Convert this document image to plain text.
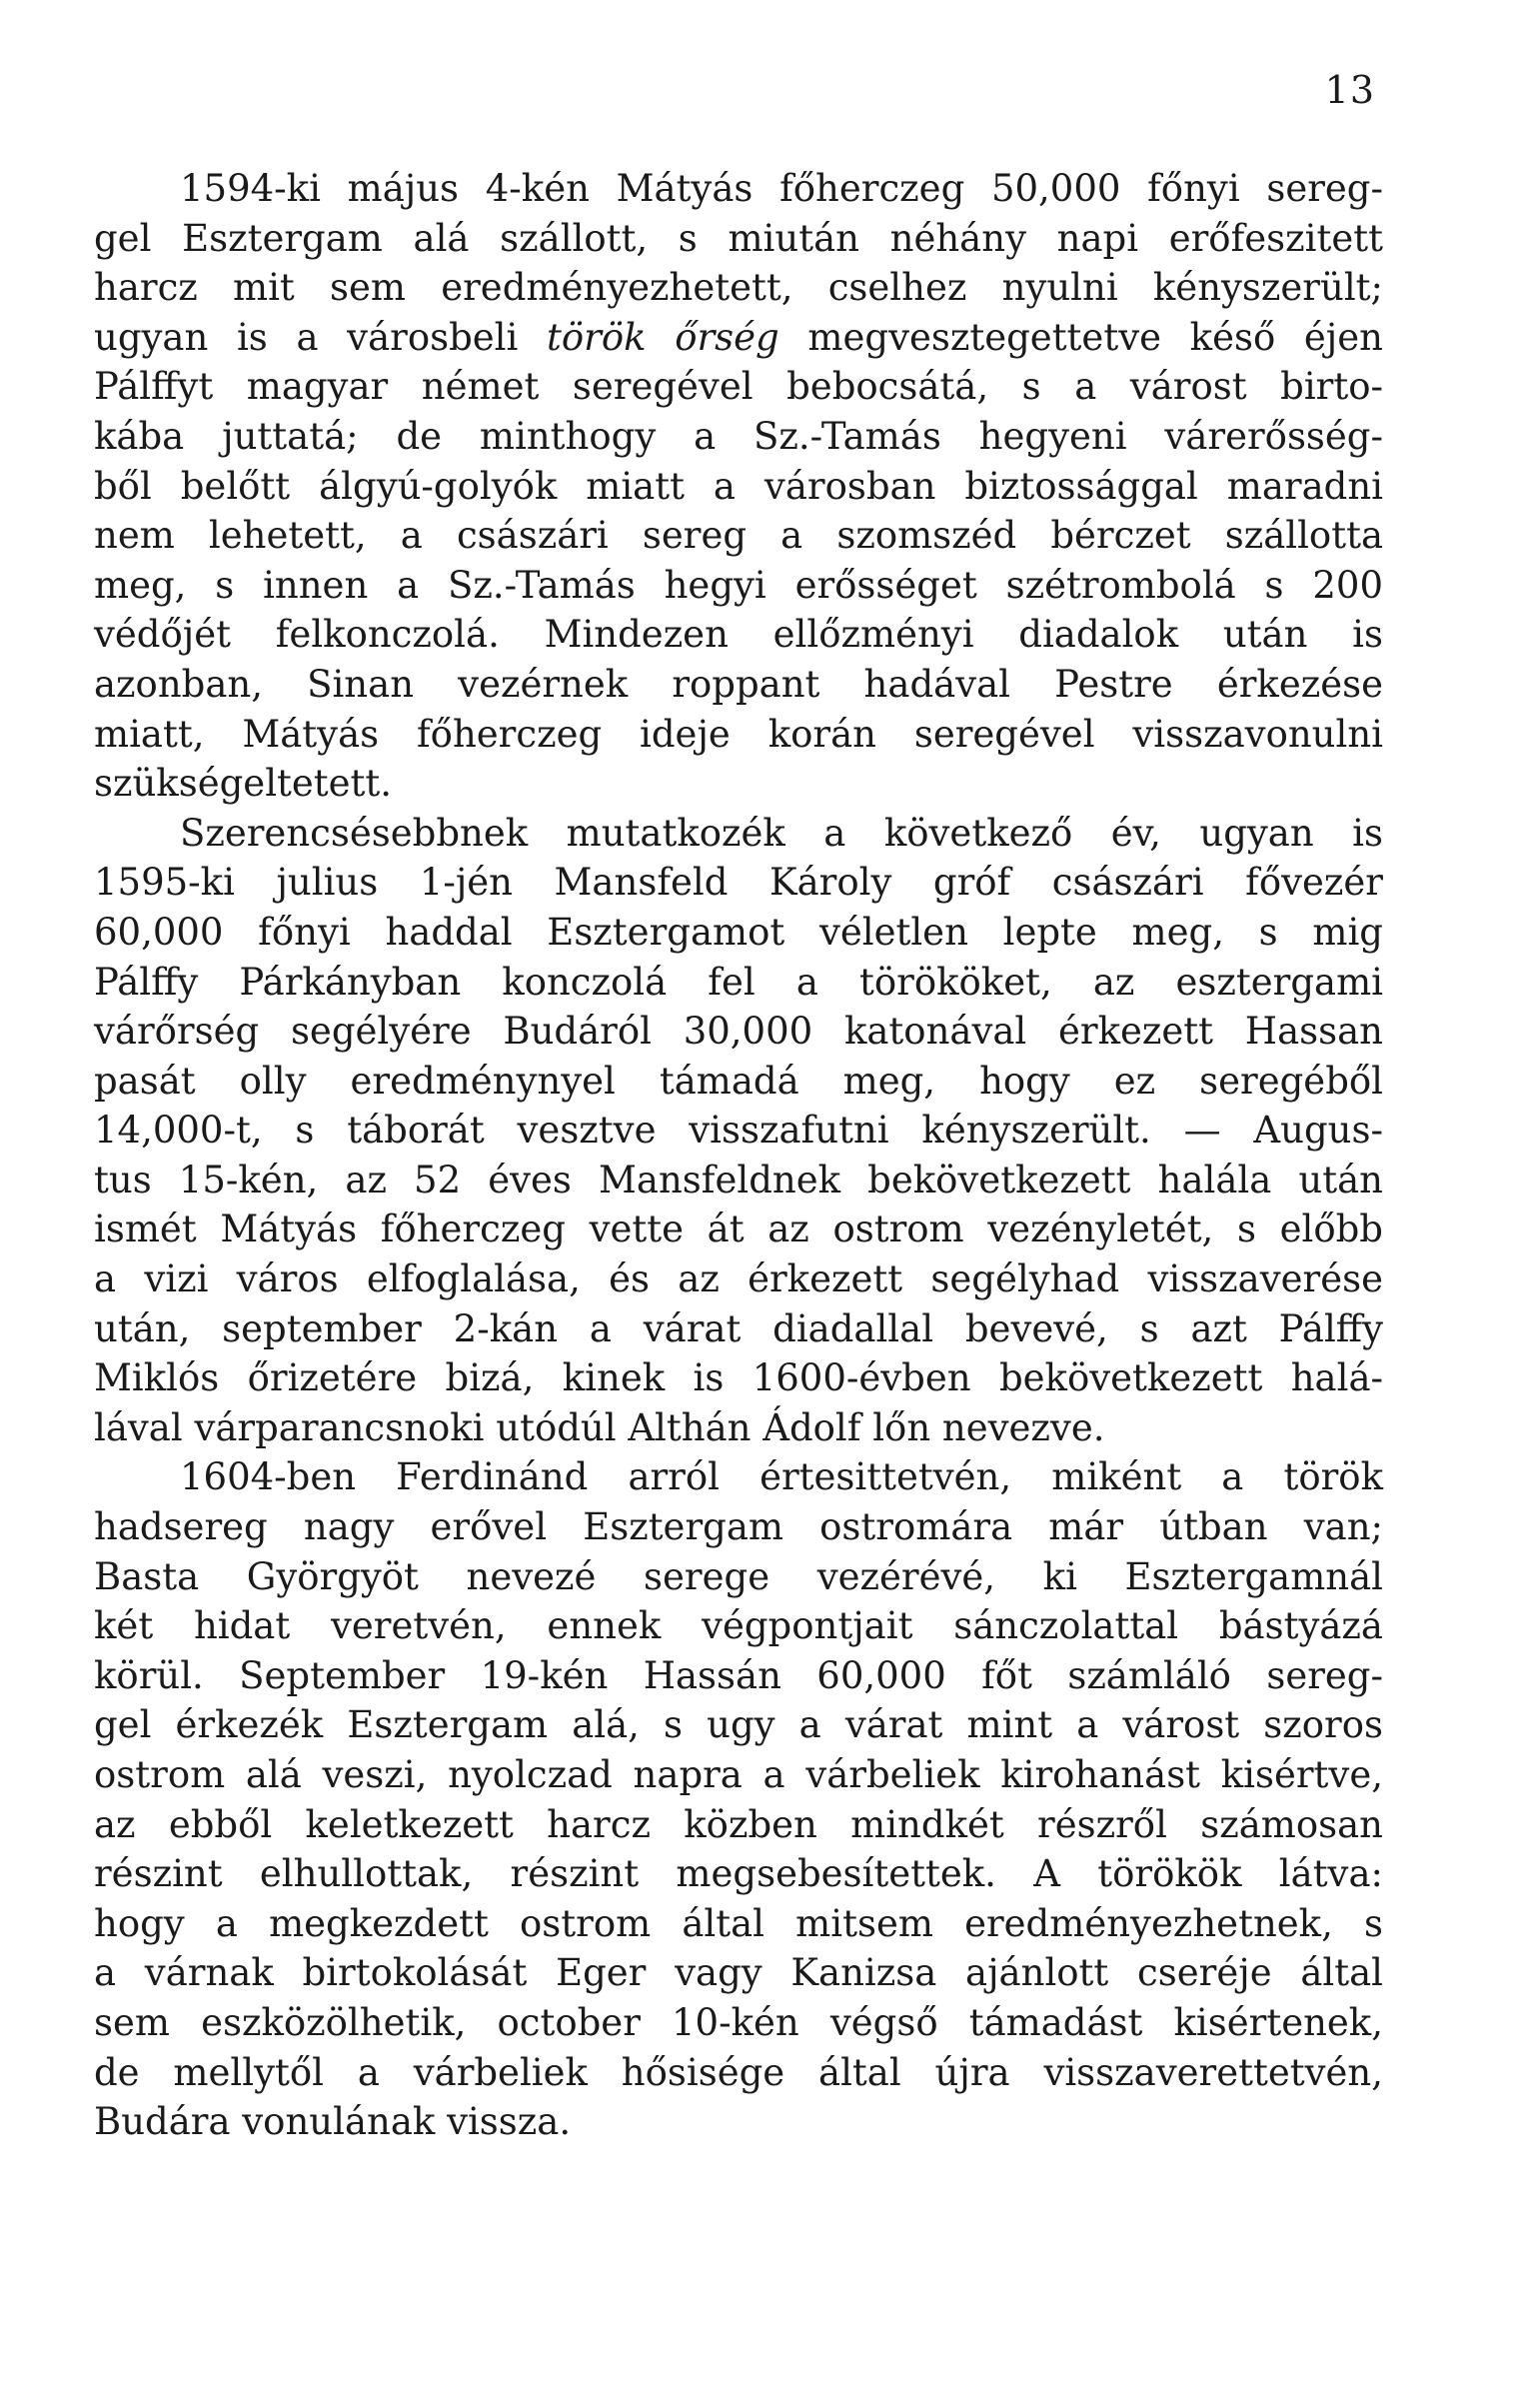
13
1594-ki május 4-kén Mátyás főherczeg 50,000 főnyi sereg-
gel Esztergam alá szállott, s miután néhány napi erőfeszitett
harcz mit sem eredményezhetett, cselhez nyulni kényszerült;
ugyan is a városbeli török őrség megvesztegettetve késő éjen
Pálffyt magyar német seregével bebocsátá, s a várost birto-
kába juttatá; de minthogy a Sz.-Tamás hegyeni várerősség-
ből belőtt álgyú-golyók miatt a városban biztossággal maradni
nem lehetett, a császári sereg a szomszéd bérczet szállotta
meg, s innen a Sz.-Tamás hegyi erősséget szétrombolá s 200
védőjét felkonczolá. Mindezen ellőzményi diadalok után is
azonban, Sinan vezérnek roppant hadával Pestre érkezése
miatt, Mátyás főherczeg ideje korán seregével visszavonulni
szükségeltetett.
Szerencsésebbnek mutatkozék a következő év, ugyan is
1595-ki julius 1-jén Mansfeld Károly gróf császári fővezér
60,000 főnyi haddal Esztergamot véletlen lepte meg, s mig
Pálffy Párkányban konczolá fel a törököket, az esztergami
várőrség segélyére Budáról 30,000 katonával érkezett Hassan
pasát olly eredménynyel támadá meg, hogy ez seregéből
14,000-t, s táborát vesztve visszafutni kényszerült. — Augus-
tus 15-kén, az 52 éves Mansfeldnek bekövetkezett halála után
ismét Mátyás főherczeg vette át az ostrom vezényletét, s előbb
a vizi város elfoglalása, és az érkezett segélyhad visszaverése
után, september 2-kán a várat diadallal bevevé, s azt Pálffy
Miklós őrizetére bizá, kinek is 1600-évben bekövetkezett halá-
lával várparancsnoki utódúl Althán Ádolf lőn nevezve.
1604-ben Ferdinánd arról értesittetvén, miként a török
hadsereg nagy erővel Esztergam ostromára már útban van;
Basta Györgyöt nevezé serege vezérévé, ki Esztergamnál
két hidat veretvén, ennek végpontjait sánczolattal bástyázá
körül. September 19-kén Hassán 60,000 főt számláló sereg-
gel érkezék Esztergam alá, s ugy a várat mint a várost szoros
ostrom alá veszi, nyolczad napra a várbeliek kirohanást kisértve,
az ebből keletkezett harcz közben mindkét részről számosan
részint elhullottak, részint megsebesítettek. A törökök látva:
hogy a megkezdett ostrom által mitsem eredményezhetnek, s
a várnak birtokolását Eger vagy Kanizsa ajánlott cseréje által
sem eszközölhetik, october 10-kén végső támadást kisértenek,
de mellytől a várbeliek hősisége által újra visszaverettetvén,
Budára vonulának vissza.
